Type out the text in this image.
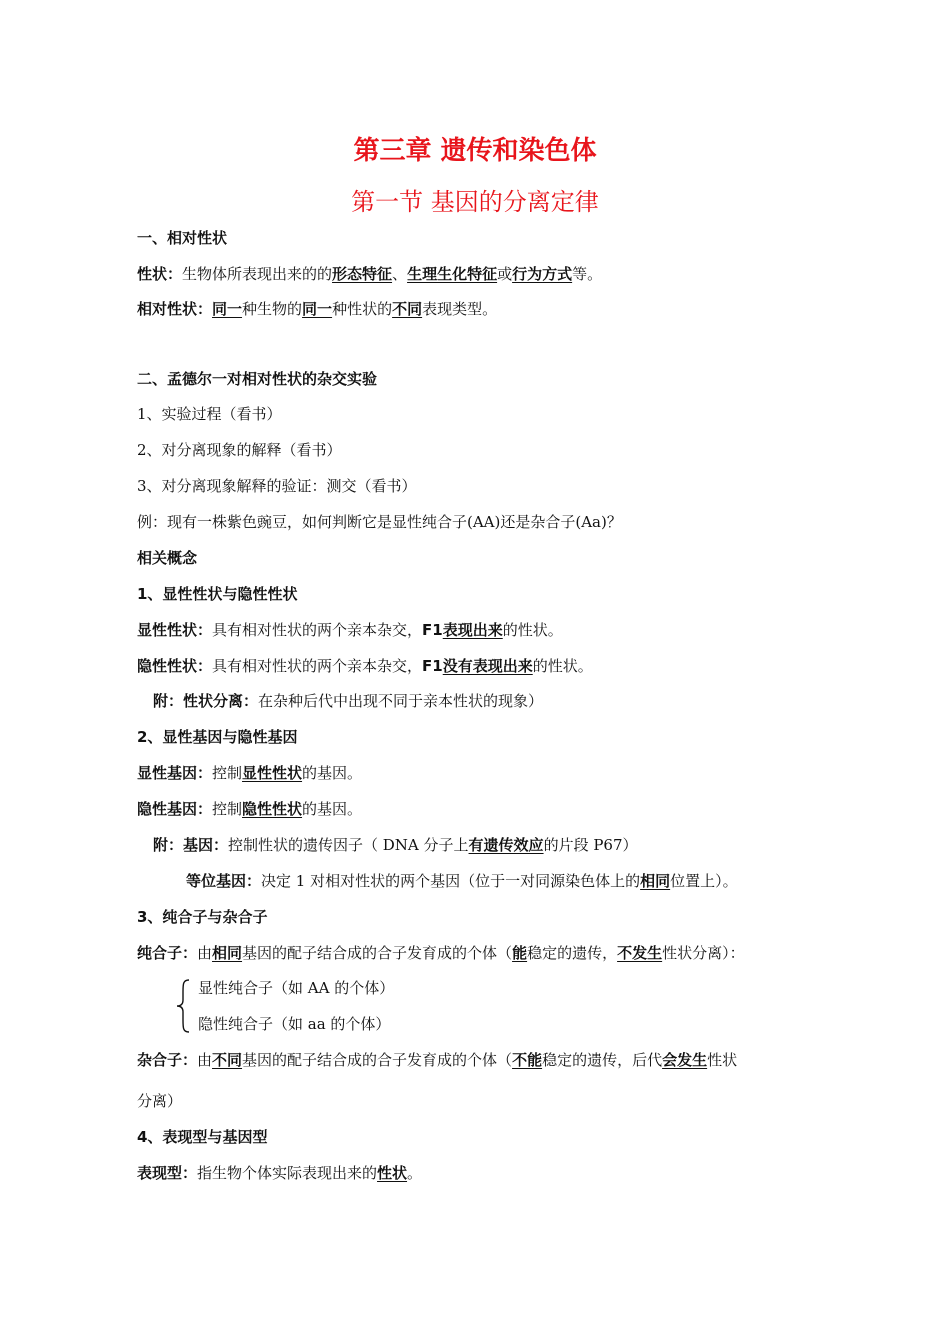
第三章 遗传和染色体
第一节 基因的分离定律
一、相对性状
性状：生物体所表现出来的的形态特征、生理生化特征或行为方式等。
相对性状：同一种生物的同一种性状的不同表现类型。
二、孟德尔一对相对性状的杂交实验
1、实验过程（看书）
2、对分离现象的解释（看书）
3、对分离现象解释的验证：测交（看书）
例：现有一株紫色豌豆，如何判断它是显性纯合子(AA)还是杂合子(Aa)？
相关概念
1、显性性状与隐性性状
显性性状：具有相对性状的两个亲本杂交，F1表现出来的性状。
隐性性状：具有相对性状的两个亲本杂交，F1没有表现出来的性状。
附：性状分离：在杂种后代中出现不同于亲本性状的现象）
2、显性基因与隐性基因
显性基因：控制显性性状的基因。
隐性基因：控制隐性性状的基因。
附：基因：控制性状的遗传因子（ DNA 分子上有遗传效应的片段 P67）
等位基因：决定 1 对相对性状的两个基因（位于一对同源染色体上的相同位置上）。
3、纯合子与杂合子
纯合子：由相同基因的配子结合成的合子发育成的个体（能稳定的遗传，不发生性状分离）：
显性纯合子（如 AA 的个体）
隐性纯合子（如 aa 的个体）
杂合子：由不同基因的配子结合成的合子发育成的个体（不能稳定的遗传，后代会发生性状
分离）
4、表现型与基因型
表现型：指生物个体实际表现出来的性状。
